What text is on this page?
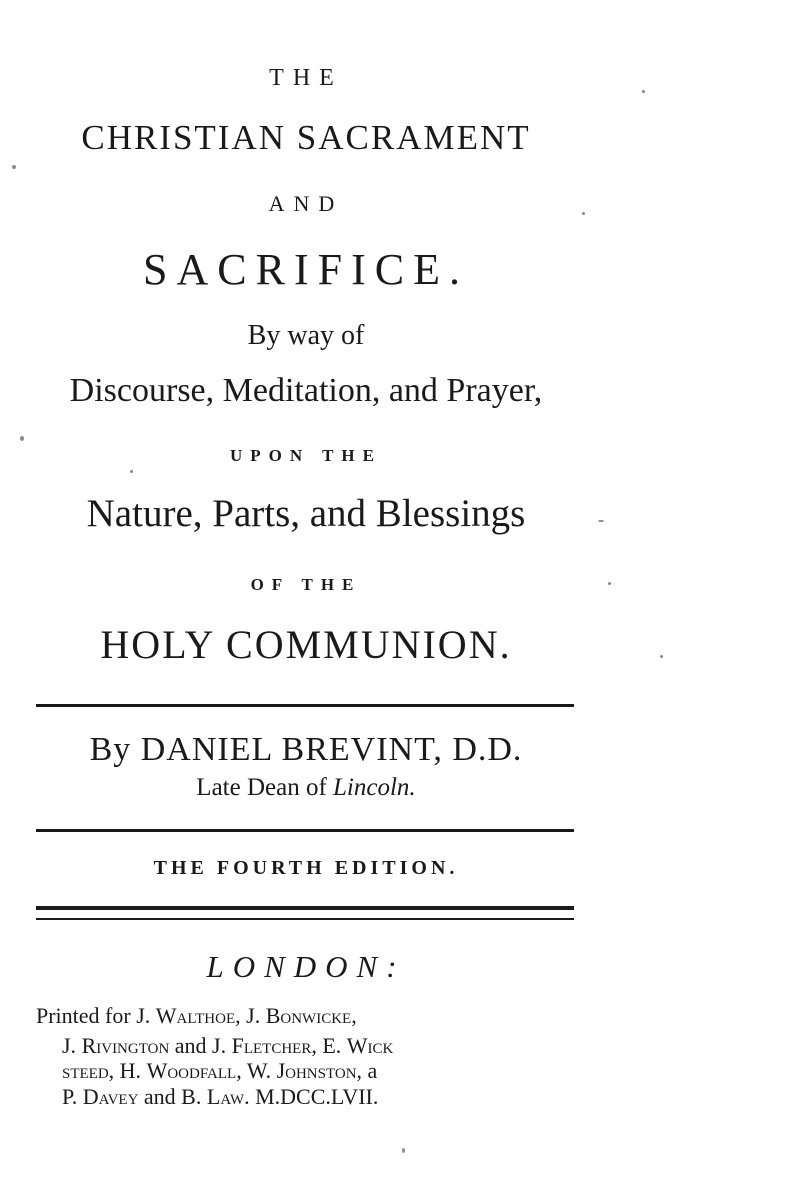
THE
CHRISTIAN SACRAMENT
AND
SACRIFICE.
By way of
Discourse, Meditation, and Prayer,
UPON THE
Nature, Parts, and Blessings
OF THE
HOLY COMMUNION.
By DANIEL BREVINT, D.D.
Late Dean of Lincoln.
THE FOURTH EDITION.
LONDON:
Printed for J. Walthoe, J. Bonwicke,
J. Rivington and J. Fletcher, E. Wick
steed, H. Woodfall, W. Johnston, a
P. Davey and B. Law. M.DCC.LVII.
